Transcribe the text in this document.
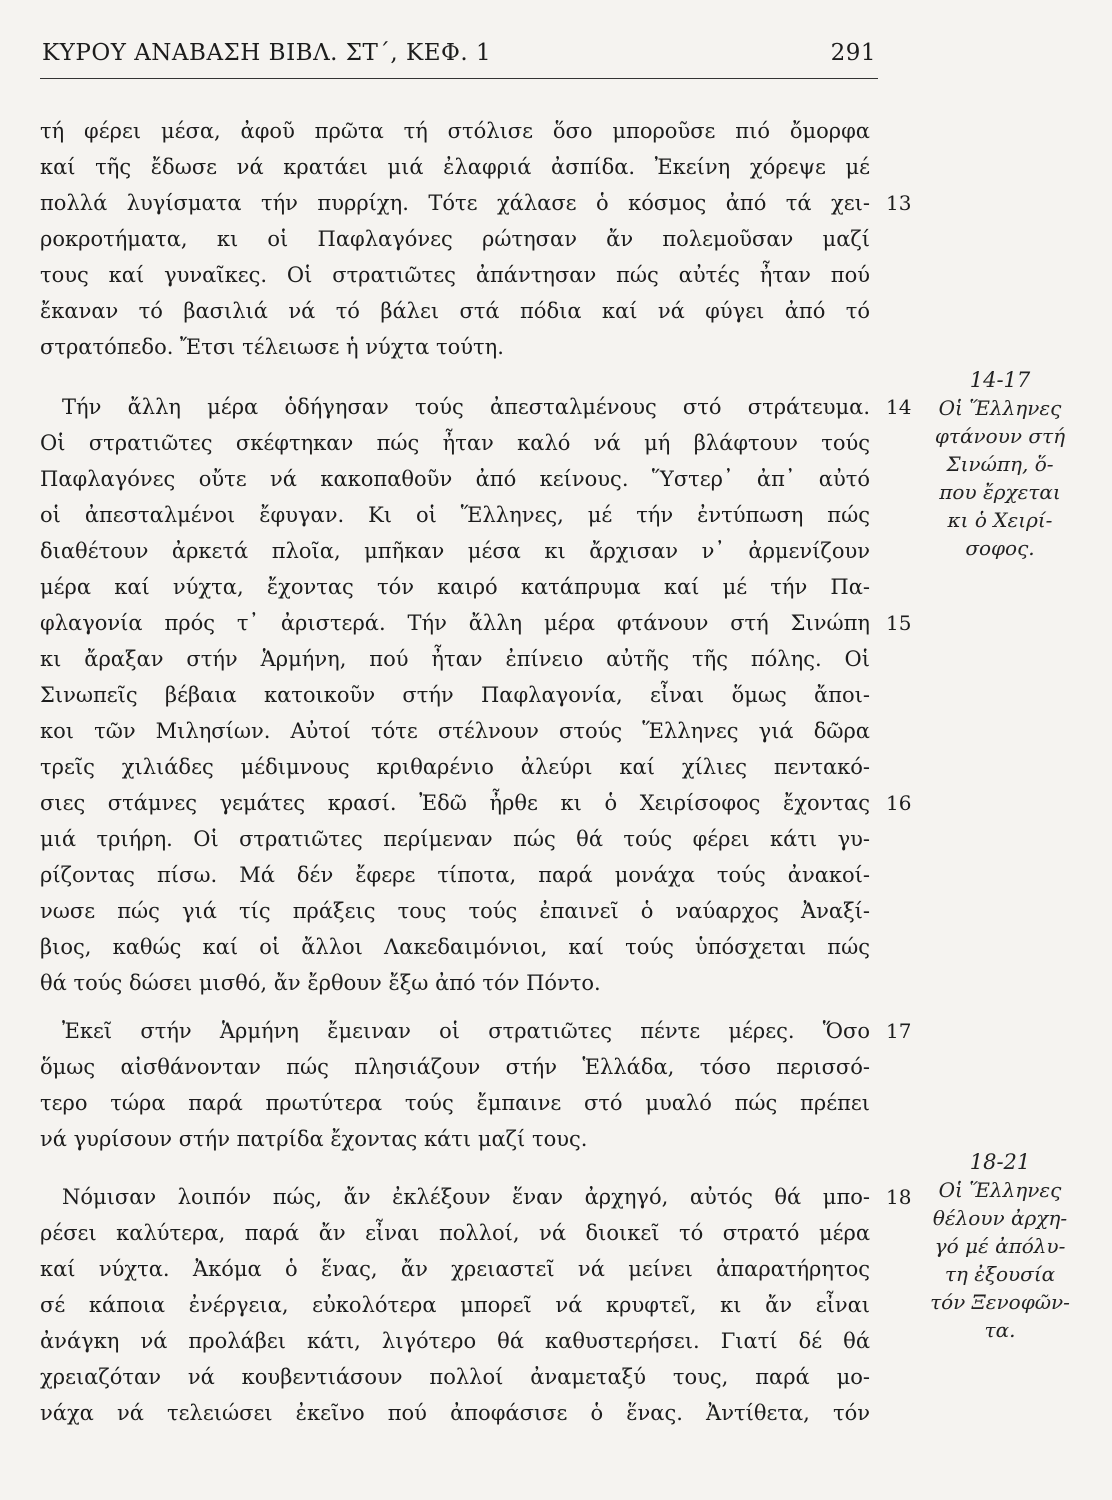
ΚΥΡΟΥ ΑΝΑΒΑΣΗ ΒΙΒΛ. ΣΤ΄, ΚΕΦ. 1	291
τή φέρει μέσα, ἀφοῦ πρῶτα τή στόλισε ὅσο μποροῦσε πιό ὄμορφα
καί τῆς ἔδωσε νά κρατάει μιά ἐλαφριά ἀσπίδα. Ἐκείνη χόρεψε μέ
πολλά λυγίσματα τήν πυρρίχη. Τότε χάλασε ὁ κόσμος ἀπό τά χει-
ροκροτήματα, κι οἱ Παφλαγόνες ρώτησαν ἄν πολεμοῦσαν μαζί
τους καί γυναῖκες. Οἱ στρατιῶτες ἀπάντησαν πώς αὐτές ἦταν πού
ἔκαναν τό βασιλιά νά τό βάλει στά πόδια καί νά φύγει ἀπό τό
στρατόπεδο. Ἔτσι τέλειωσε ἡ νύχτα τούτη.
Τήν ἄλλη μέρα ὁδήγησαν τούς ἀπεσταλμένους στό στράτευμα.
Οἱ στρατιῶτες σκέφτηκαν πώς ἦταν καλό νά μή βλάφτουν τούς
Παφλαγόνες οὔτε νά κακοπαθοῦν ἀπό κείνους. Ὕστερ᾽ ἀπ᾽ αὐτό
οἱ ἀπεσταλμένοι ἔφυγαν. Κι οἱ Ἕλληνες, μέ τήν ἐντύπωση πώς
διαθέτουν ἀρκετά πλοῖα, μπῆκαν μέσα κι ἄρχισαν ν᾽ ἀρμενίζουν
μέρα καί νύχτα, ἔχοντας τόν καιρό κατάπρυμα καί μέ τήν Πα-
φλαγονία πρός τ᾽ ἀριστερά. Τήν ἄλλη μέρα φτάνουν στή Σινώπη
κι ἄραξαν στήν Ἁρμήνη, πού ἦταν ἐπίνειο αὐτῆς τῆς πόλης. Οἱ
Σινωπεῖς βέβαια κατοικοῦν στήν Παφλαγονία, εἶναι ὅμως ἄποι-
κοι τῶν Μιλησίων. Αὐτοί τότε στέλνουν στούς Ἕλληνες γιά δῶρα
τρεῖς χιλιάδες μέδιμνους κριθαρένιο ἀλεύρι καί χίλιες πεντακό-
σιες στάμνες γεμάτες κρασί. Ἐδῶ ἦρθε κι ὁ Χειρίσοφος ἔχοντας
μιά τριήρη. Οἱ στρατιῶτες περίμεναν πώς θά τούς φέρει κάτι γυ-
ρίζοντας πίσω. Μά δέν ἔφερε τίποτα, παρά μονάχα τούς ἀνακοί-
νωσε πώς γιά τίς πράξεις τους τούς ἐπαινεῖ ὁ ναύαρχος Ἀναξί-
βιος, καθώς καί οἱ ἄλλοι Λακεδαιμόνιοι, καί τούς ὑπόσχεται πώς
θά τούς δώσει μισθό, ἄν ἔρθουν ἔξω ἀπό τόν Πόντο.
Ἐκεῖ στήν Ἁρμήνη ἔμειναν οἱ στρατιῶτες πέντε μέρες. Ὅσο
ὅμως αἰσθάνονταν πώς πλησιάζουν στήν Ἑλλάδα, τόσο περισσό-
τερο τώρα παρά πρωτύτερα τούς ἔμπαινε στό μυαλό πώς πρέπει
νά γυρίσουν στήν πατρίδα ἔχοντας κάτι μαζί τους.
Νόμισαν λοιπόν πώς, ἄν ἐκλέξουν ἕναν ἀρχηγό, αὐτός θά μπο-
ρέσει καλύτερα, παρά ἄν εἶναι πολλοί, νά διοικεῖ τό στρατό μέρα
καί νύχτα. Ἀκόμα ὁ ἕνας, ἄν χρειαστεῖ νά μείνει ἀπαρατήρητος
σέ κάποια ἐνέργεια, εὐκολότερα μπορεῖ νά κρυφτεῖ, κι ἄν εἶναι
ἀνάγκη νά προλάβει κάτι, λιγότερο θά καθυστερήσει. Γιατί δέ θά
χρειαζόταν νά κουβεντιάσουν πολλοί ἀναμεταξύ τους, παρά μο-
νάχα νά τελειώσει ἐκεῖνο πού ἀποφάσισε ὁ ἕνας. Ἀντίθετα, τόν
13
14
15
16
17
18
14-17
Οἱ Ἕλληνες
φτάνουν στή
Σινώπη, ὅ-
που ἔρχεται
κι ὁ Χειρί-
σοφος.
18-21
Οἱ Ἕλληνες
θέλουν ἀρχη-
γό μέ ἀπόλυ-
τη ἐξουσία
τόν Ξενοφῶν-
τα.
